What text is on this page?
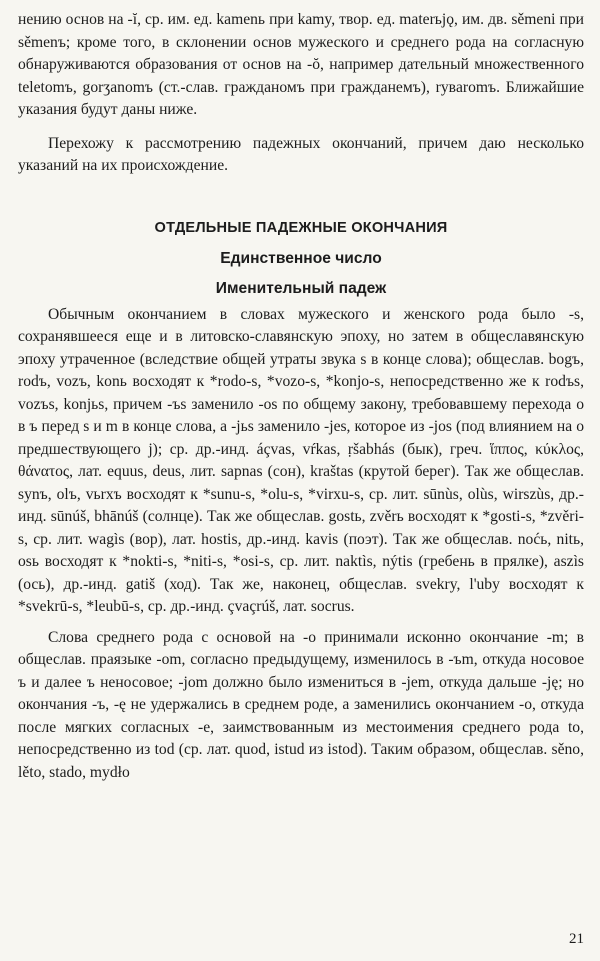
нению основ на -ĭ, ср. им. ед. kamenь при kamy, твор. ед. materьjǫ, им. дв. sěmeni при sěmenъ; кроме того, в склонении основ мужеского и среднего рода на согласную обнаруживаются образования от основ на -ŏ, например дательный множественного teletomъ, gorʒanomъ (ст.-слав. гражданомъ при гражданемъ), ryʙaromъ. Ближайшие указания будут даны ниже.

Перехожу к рассмотрению падежных окончаний, причем даю несколько указаний на их происхождение.

ОТДЕЛЬНЫЕ ПАДЕЖНЫЕ ОКОНЧАНИЯ
Единственное число
Именительный падеж

Обычным окончанием в словах мужеского и женского рода было -s, сохранявшееся еще и в литовско-славянскую эпоху, но затем в общеславянскую эпоху утраченное (вследствие общей утраты звука s в конце слова); общеслав. bogъ, rodъ, vozъ, konь восходят к *rodo-s, *vozo-s, *konjo-s, непосредственно же к rodъs, vozъs, konjьs, причем -ъs заменило -os по общему закону, требовавшему перехода o в ъ перед s и m в конце слова, а -jьs заменило -jes, которое из -jos (под влиянием на o предшествующего j); ср. др.-инд. áçvas, vŕkas, ṛšabhás (бык), греч. ἵππος, κύκλος, θάνατος, лат. equus, deus, лит. sapnas (сон), kraštas (крутой берег). Так же общеслав. synъ, olъ, vьrxъ восходят к *sunu-s, *olu-s, *virxu-s, ср. лит. sūnùs, olùs, wirszùs, др.-инд. sūnúš, bhānúš (солнце). Так же общеслав. gostь, zvěrь восходят к *gosti-s, *zvěri-s, ср. лит. wagìs (вор), лат. hostis, др.-инд. kavis (поэт). Так же общеслав. noćь, nitь, osь восходят к *nokti-s, *niti-s, *osi-s, ср. лит. naktìs, nýtis (гребень в прялке), aszìs (ось), др.-инд. gatiš (ход). Так же, наконец, общеслав. svekry, l'uby восходят к *svekrū-s, *leubū-s, ср. др.-инд. çvaçrúš, лат. socrus.

Слова среднего рода с основой на -o принимали исконно окончание -m; в общеслав. праязыке -om, согласно предыдущему, изменилось в -ъm, откуда носовое ъ и далее ъ неносовое; -jom должно было измениться в -jem, откуда дальше -ję; но окончания -ъ, -ę не удержались в среднем роде, а заменились окончанием -o, откуда после мягких согласных -e, заимствованным из местоимения среднего рода to, непосредственно из tod (ср. лат. quod, istud из istod). Таким образом, общеслав. sěno, lěto, stado, mydło

21
